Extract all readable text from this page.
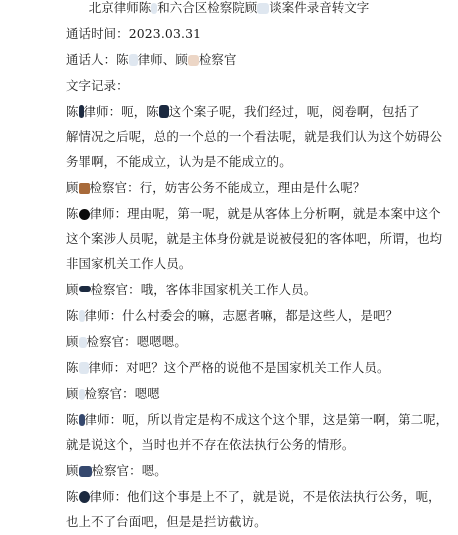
北京律师陈 和六合区检察院顾 谈案件录音转文字
通话时间：2023.03.31
通话人：陈 律师、顾 检察官
文字记录：
陈 律师：呃，陈 这个案子呢，我们经过，呃，阅卷啊，包括了
解情况之后呢，总的一个总的一个看法呢，就是我们认为这个妨碍公
务罪啊，不能成立，认为是不能成立的。
顾 检察官：行，妨害公务不能成立，理由是什么呢？
陈 律师：理由呢，第一呢，就是从客体上分析啊，就是本案中这个
这个案涉人员呢，就是主体身份就是说被侵犯的客体吧，所谓，也均
非国家机关工作人员。
顾 检察官：哦，客体非国家机关工作人员。
陈 律师：什么村委会的嘛，志愿者嘛，都是这些人，是吧？
顾 检察官：嗯嗯嗯。
陈 律师：对吧？这个严格的说他不是国家机关工作人员。
顾 检察官：嗯嗯
陈 律师：呃，所以肯定是构不成这个这个罪，这是第一啊，第二呢，
就是说这个，当时也并不存在依法执行公务的情形。
顾 检察官：嗯。
陈 律师：他们这个事是上不了，就是说，不是依法执行公务，呃，
也上不了台面吧，但是是拦访截访。
